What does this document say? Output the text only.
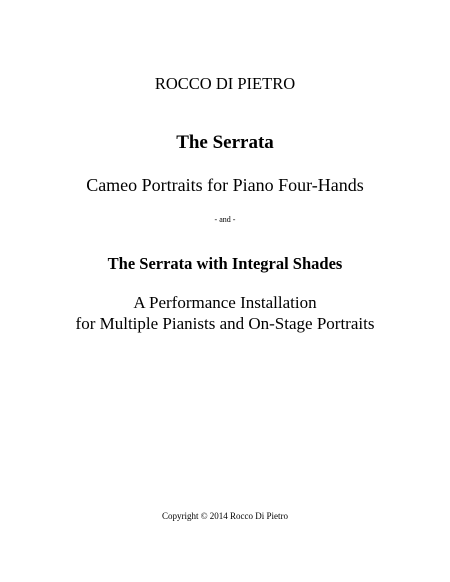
ROCCO DI PIETRO
The Serrata
Cameo Portraits for Piano Four-Hands
- and -
The Serrata with Integral Shades
A Performance Installation
for Multiple Pianists and On-Stage Portraits
Copyright © 2014 Rocco Di Pietro
